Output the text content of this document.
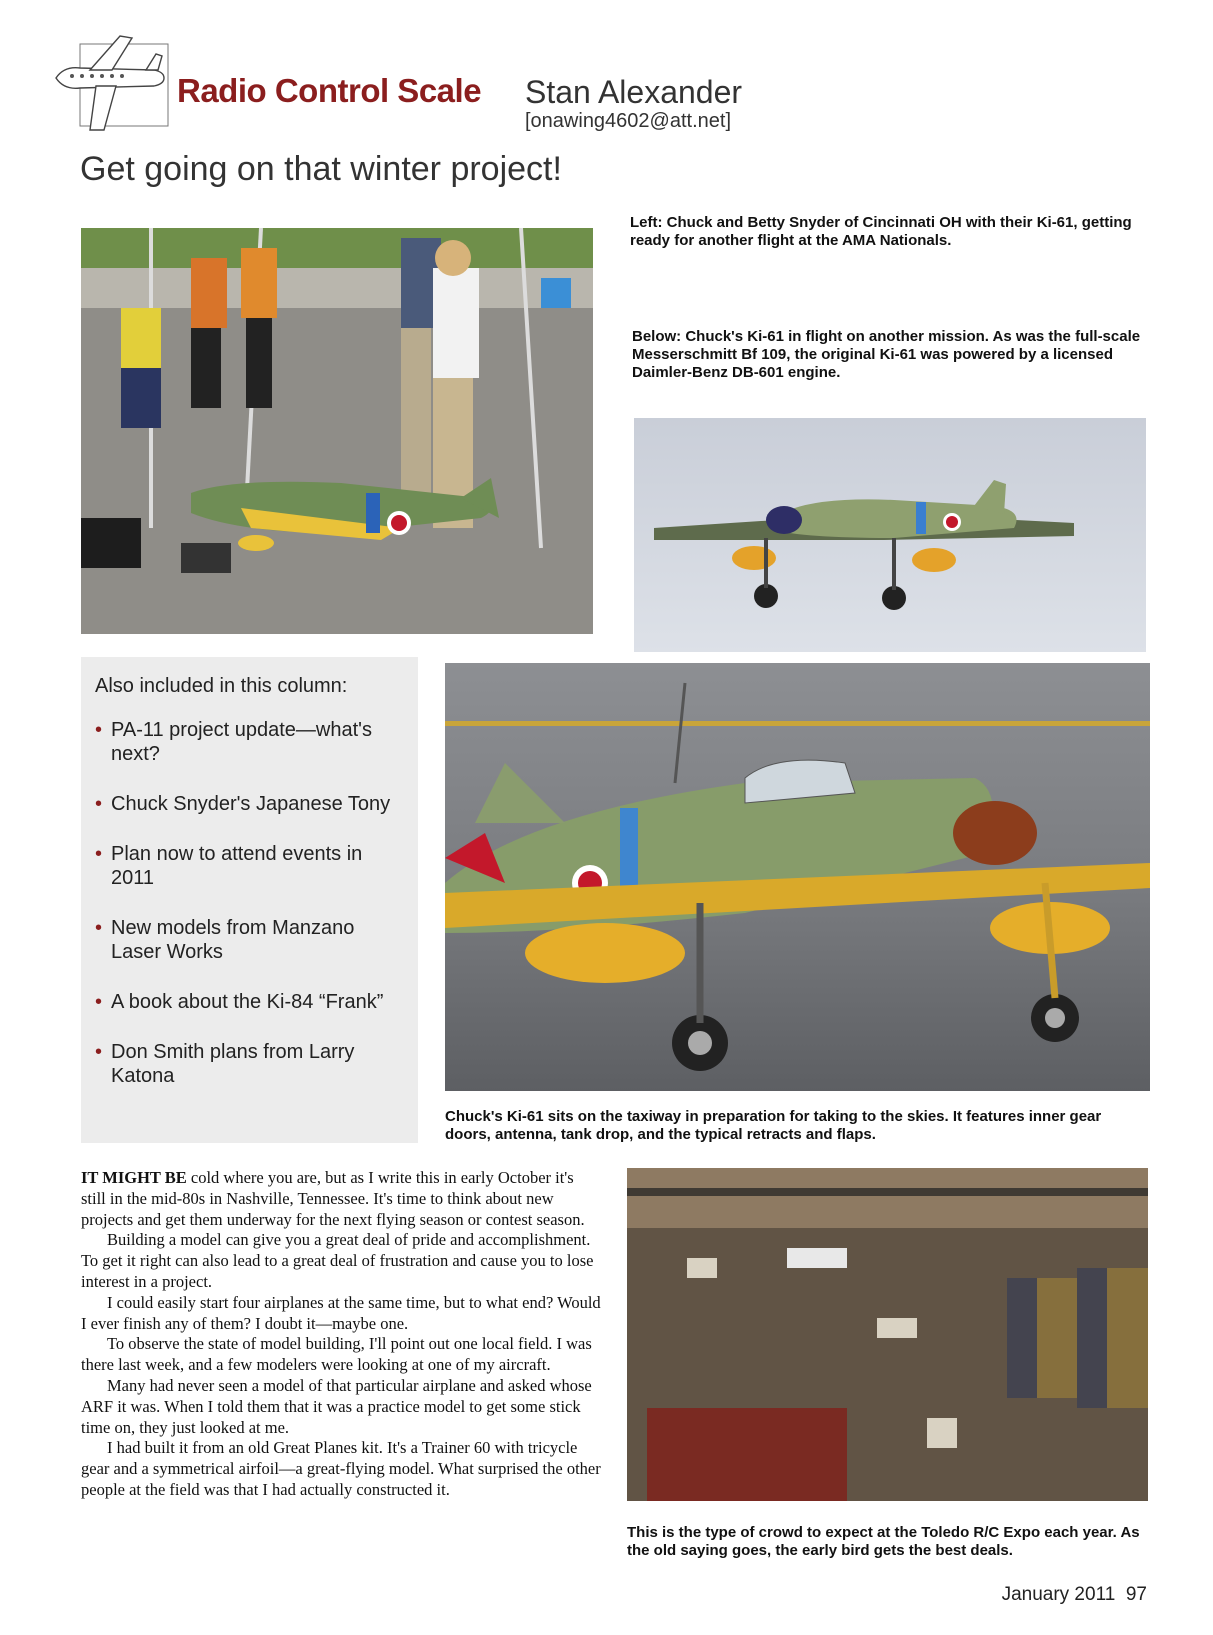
Radio Control Scale Stan Alexander
[onawing4602@att.net]
Get going on that winter project!
Left: Chuck and Betty Snyder of Cincinnati OH with their Ki-61, getting ready for another flight at the AMA Nationals.
Below: Chuck's Ki-61 in flight on another mission. As was the full-scale Messerschmitt Bf 109, the original Ki-61 was powered by a licensed Daimler-Benz DB-601 engine.
Also included in this column:
• PA-11 project update—what's next?
• Chuck Snyder's Japanese Tony
• Plan now to attend events in 2011
• New models from Manzano Laser Works
• A book about the Ki-84 “Frank”
• Don Smith plans from Larry Katona
Chuck's Ki-61 sits on the taxiway in preparation for taking to the skies. It features inner gear doors, antenna, tank drop, and the typical retracts and flaps.

IT MIGHT BE cold where you are, but as I write this in early October it's still in the mid-80s in Nashville, Tennessee. It's time to think about new projects and get them underway for the next flying season or contest season.

Building a model can give you a great deal of pride and accomplishment. To get it right can also lead to a great deal of frustration and cause you to lose interest in a project.

I could easily start four airplanes at the same time, but to what end? Would I ever finish any of them? I doubt it—maybe one.

To observe the state of model building, I'll point out one local field. I was there last week, and a few modelers were looking at one of my aircraft.

Many had never seen a model of that particular airplane and asked whose ARF it was. When I told them that it was a practice model to get some stick time on, they just looked at me.

I had built it from an old Great Planes kit. It's a Trainer 60 with tricycle gear and a symmetrical airfoil—a great-flying model. What surprised the other people at the field was that I had actually constructed it.

This is the type of crowd to expect at the Toledo R/C Expo each year. As the old saying goes, the early bird gets the best deals.
January 2011 97
